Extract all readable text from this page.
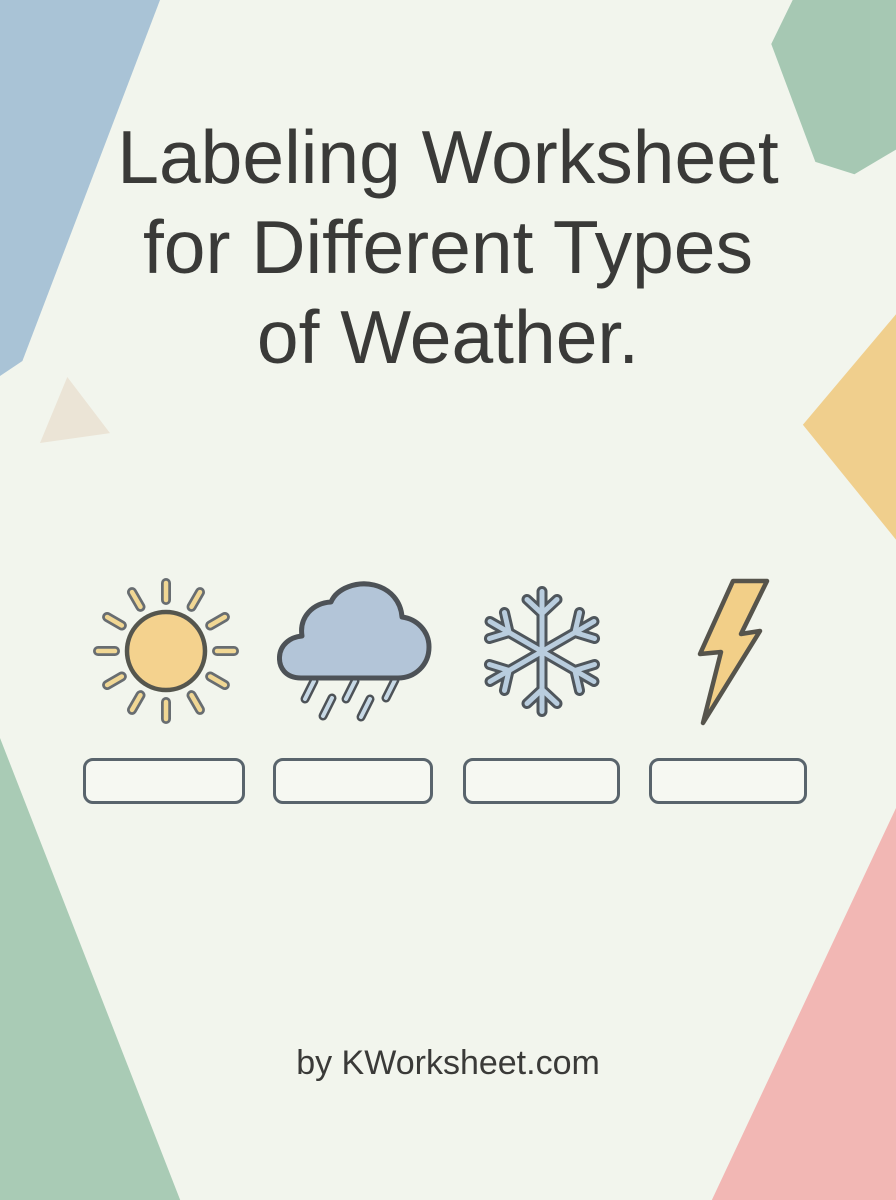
Labeling Worksheet
for Different Types
of Weather.
by KWorksheet.com
